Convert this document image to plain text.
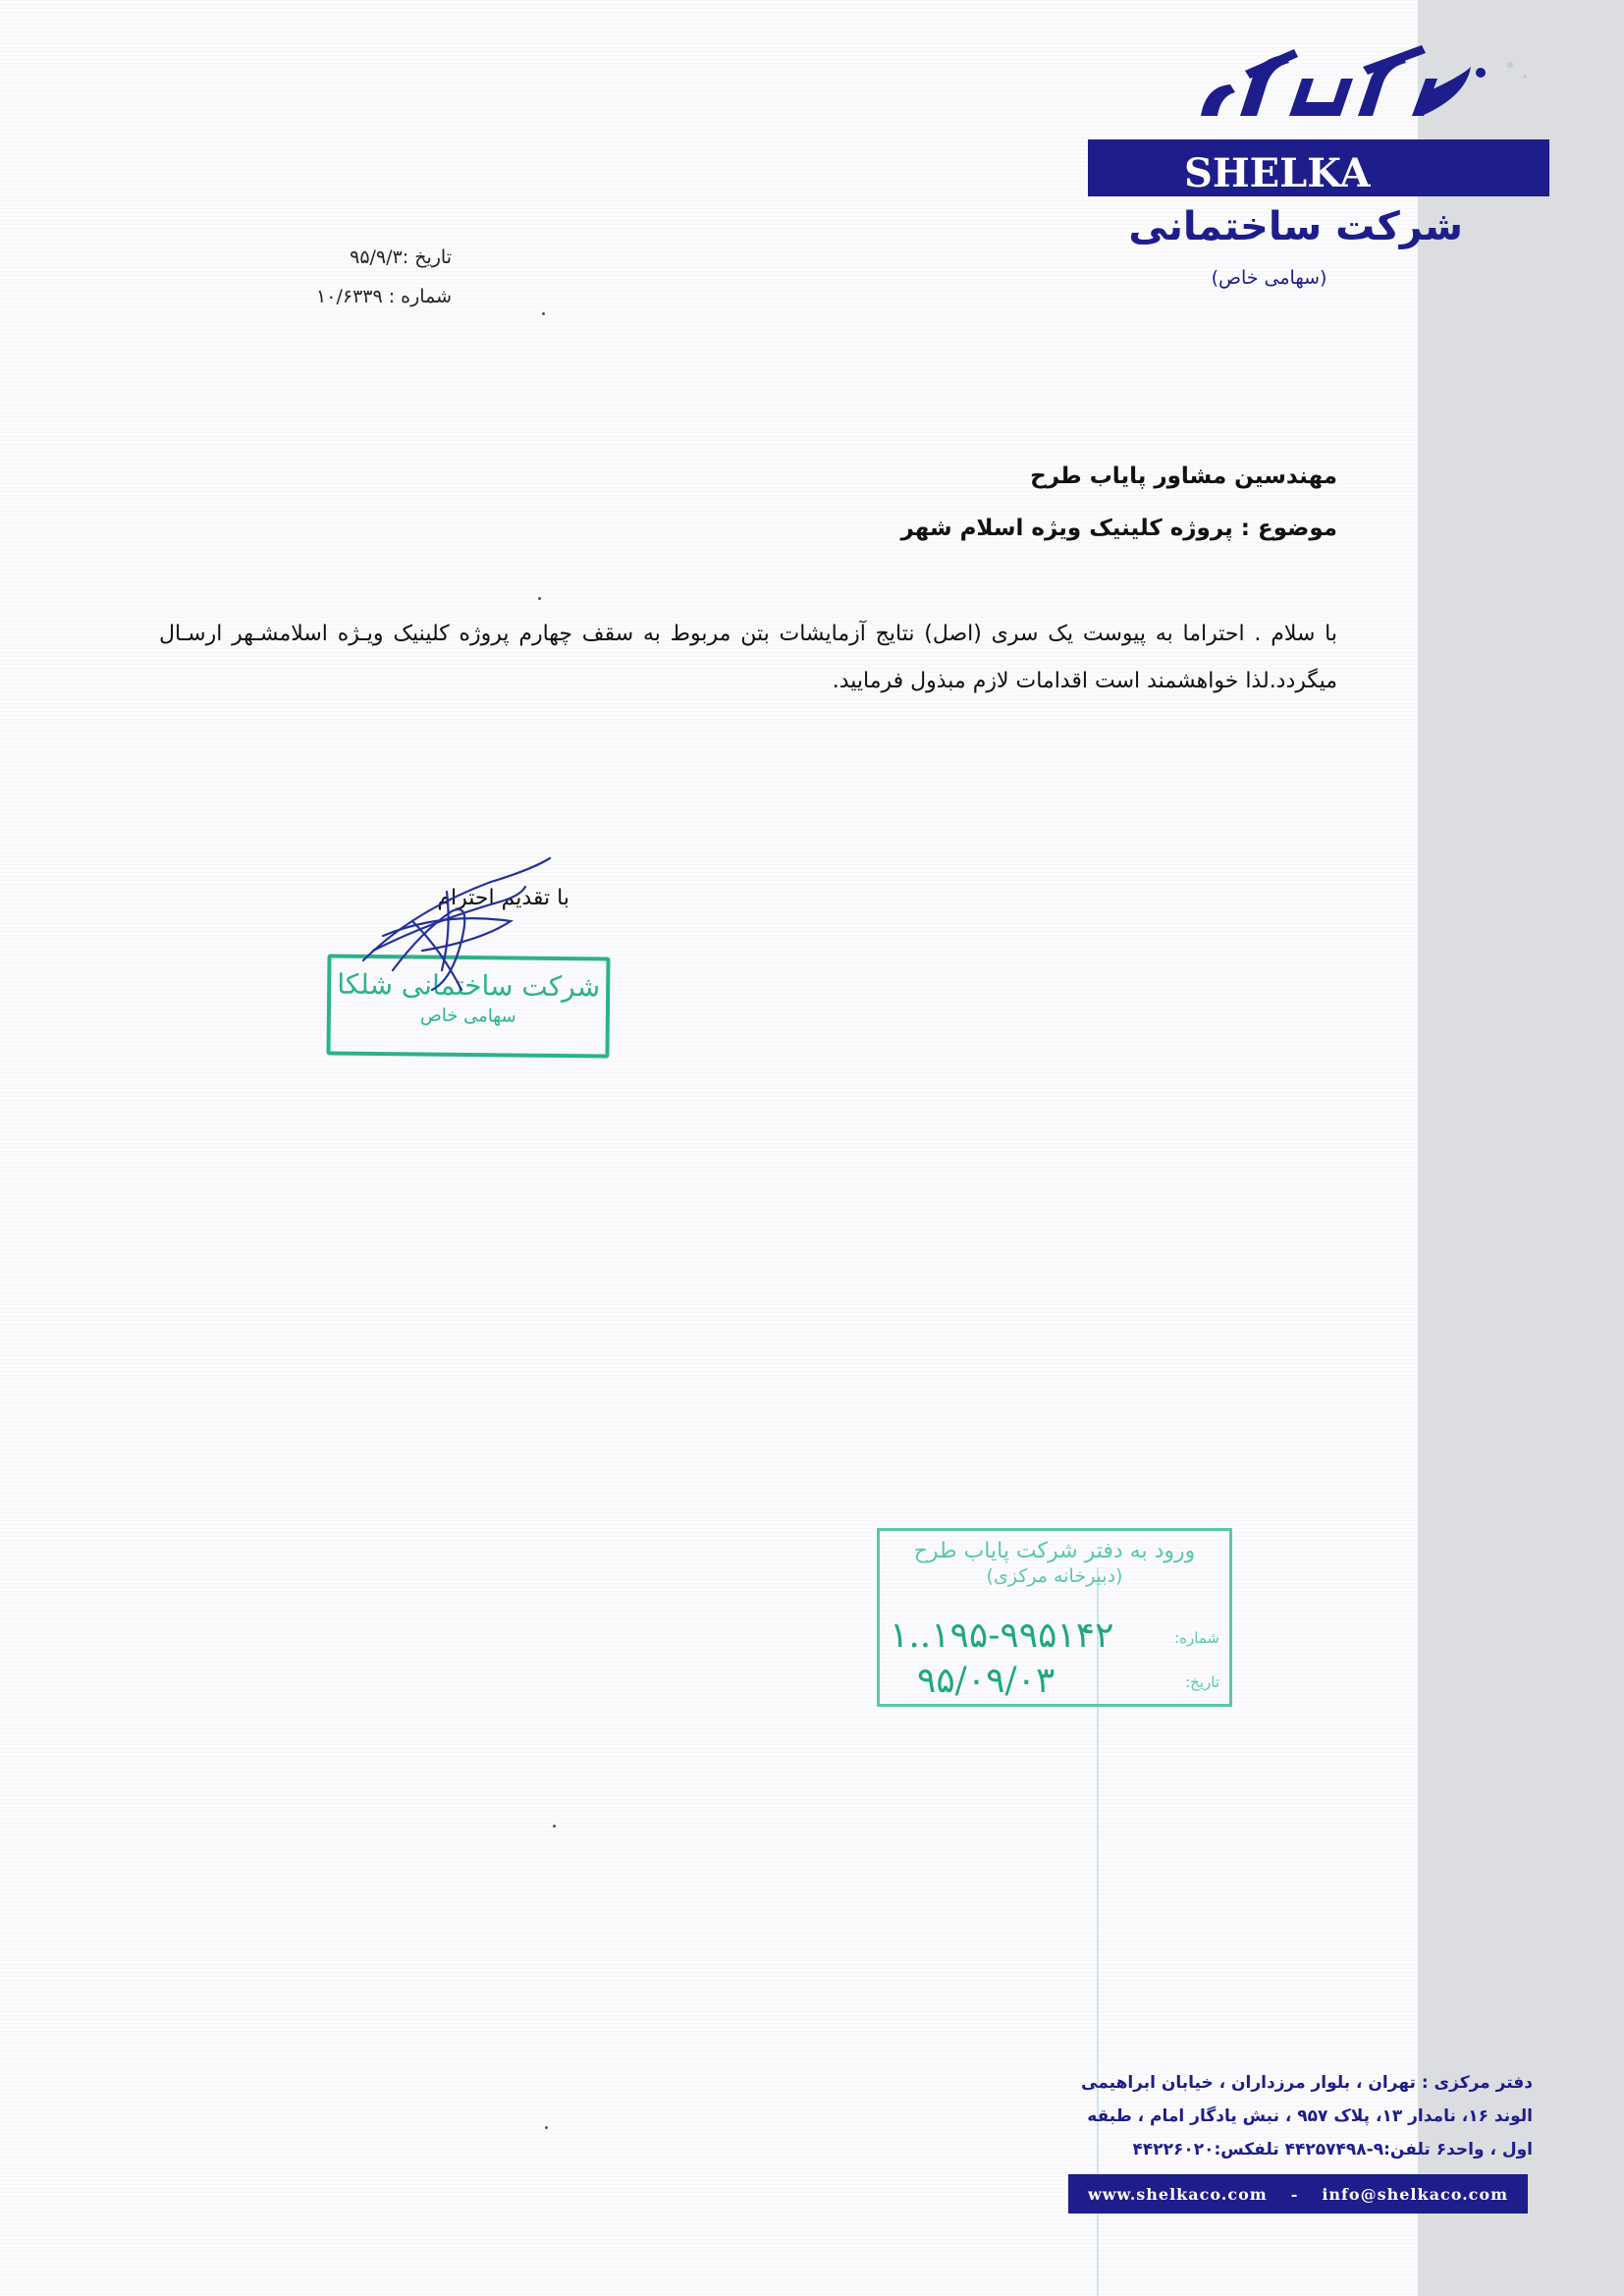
SHELKA
شرکت ساختمانی
(سهامی خاص)
تاریخ :۹۵/۹/۳
شماره : ۱۰/۶۳۳۹
مهندسین مشاور پایاب طرح
موضوع : پروژه کلینیک ویژه اسلام شهر
با سلام . احتراما به پیوست یک سری (اصل) نتایج آزمایشات بتن مربوط به سقف چهارم پروژه کلینیک ویـژه اسلامشـهر ارسـال میگردد.لذا خواهشمند است اقدامات لازم مبذول فرمایید.
شرکت ساختمانی شلکا
سهامی خاص
با تقدیم احترام
ورود به دفتر شرکت پایاب طرح
(دبیرخانه مرکزی)
شماره:
تاریخ:
۱..۱۹۵-۹۹۵۱۴۲
۹۵/۰۹/۰۳
دفتر مرکزی : تهران ، بلوار مرزداران ، خیابان ابراهیمی
الوند ۱۶، نامدار ۱۳، پلاک ۹۵۷ ، نبش یادگار امام ، طبقه
اول ، واحد۶ تلفن:۹-۴۴۲۵۷۴۹۸ تلفکس:۴۴۲۲۶۰۲۰
www.shelkaco.com - info@shelkaco.com
